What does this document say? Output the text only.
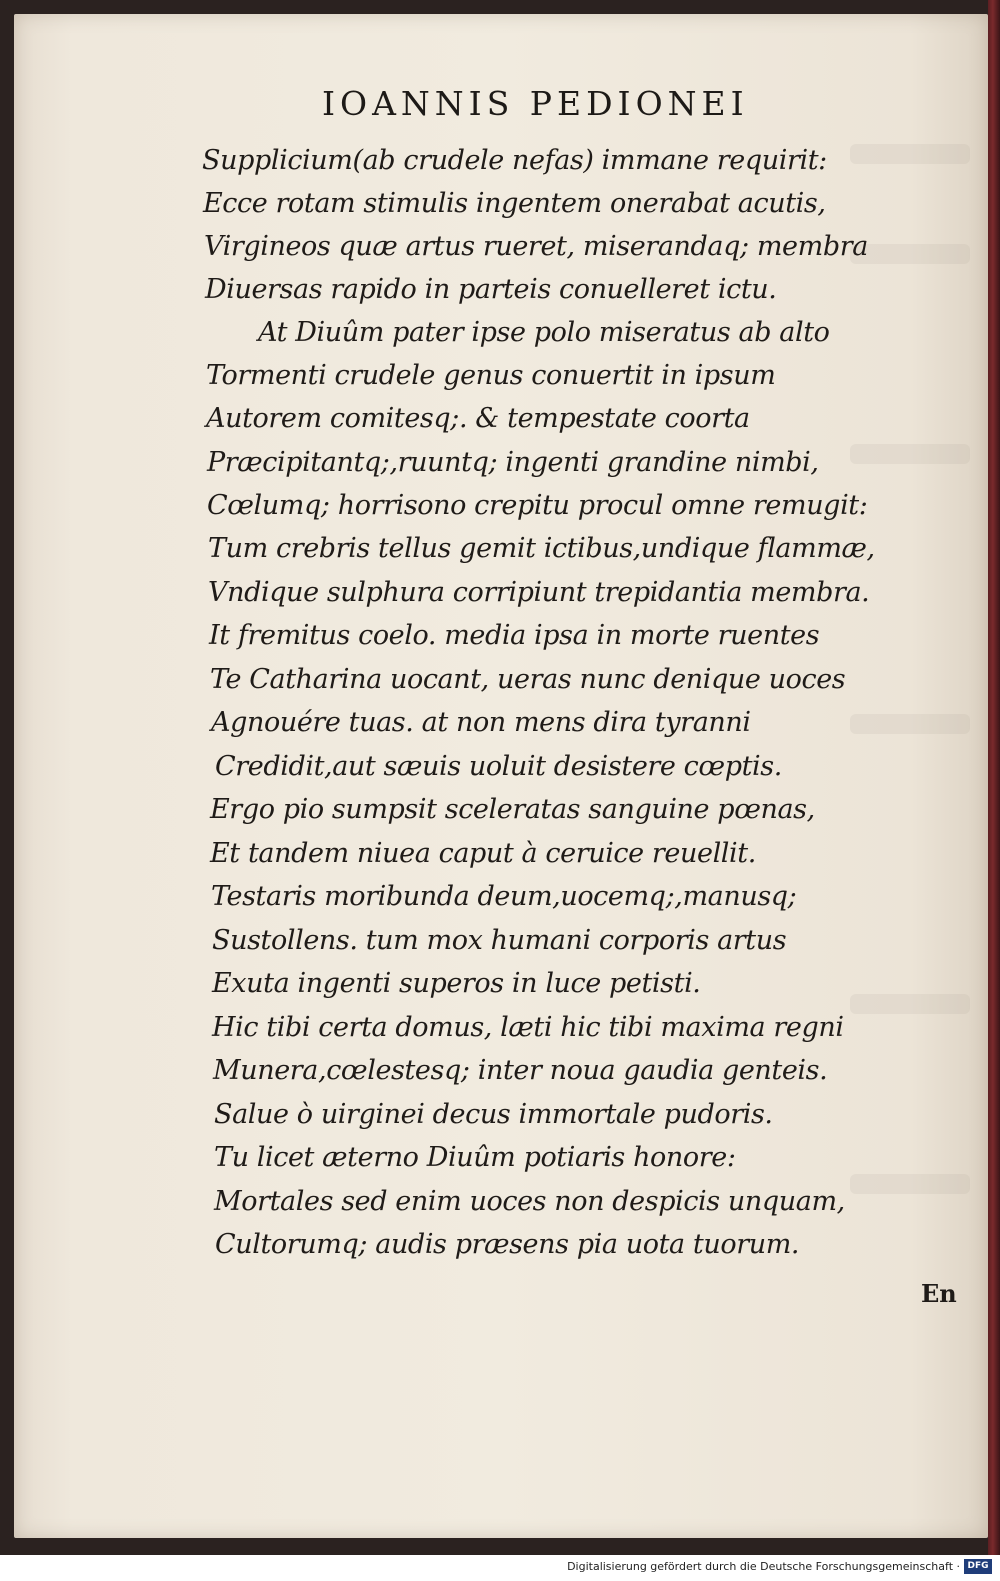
IOANNIS PEDIONEI
Supplicium(ab crudele nefas) immane requirit:
Ecce rotam stimulis ingentem onerabat acutis,
Virgineos quæ artus rueret, miserandaq; membra
Diuersas rapido in parteis conuelleret ictu.
At Diuûm pater ipse polo miseratus ab alto
Tormenti crudele genus conuertit in ipsum
Autorem comitesq;. & tempestate coorta
Præcipitantq;,ruuntq; ingenti grandine nimbi,
Cœlumq; horrisono crepitu procul omne remugit:
Tum crebris tellus gemit ictibus,undique flammæ,
Vndique sulphura corripiunt trepidantia membra.
It fremitus coelo. media ipsa in morte ruentes
Te Catharina uocant, ueras nunc denique uoces
Agnouére tuas. at non mens dira tyranni
Credidit,aut sæuis uoluit desistere cœptis.
Ergo pio sumpsit sceleratas sanguine pœnas,
Et tandem niuea caput à ceruice reuellit.
Testaris moribunda deum,uocemq;,manusq;
Sustollens. tum mox humani corporis artus
Exuta ingenti superos in luce petisti.
Hic tibi certa domus, læti hic tibi maxima regni
Munera,cœlestesq; inter noua gaudia genteis.
Salue ò uirginei decus immortale pudoris.
Tu licet æterno Diuûm potiaris honore:
Mortales sed enim uoces non despicis unquam,
Cultorumq; audis præsens pia uota tuorum.
En
Digitalisierung gefördert durch die Deutsche Forschungsgemeinschaft · DFG
